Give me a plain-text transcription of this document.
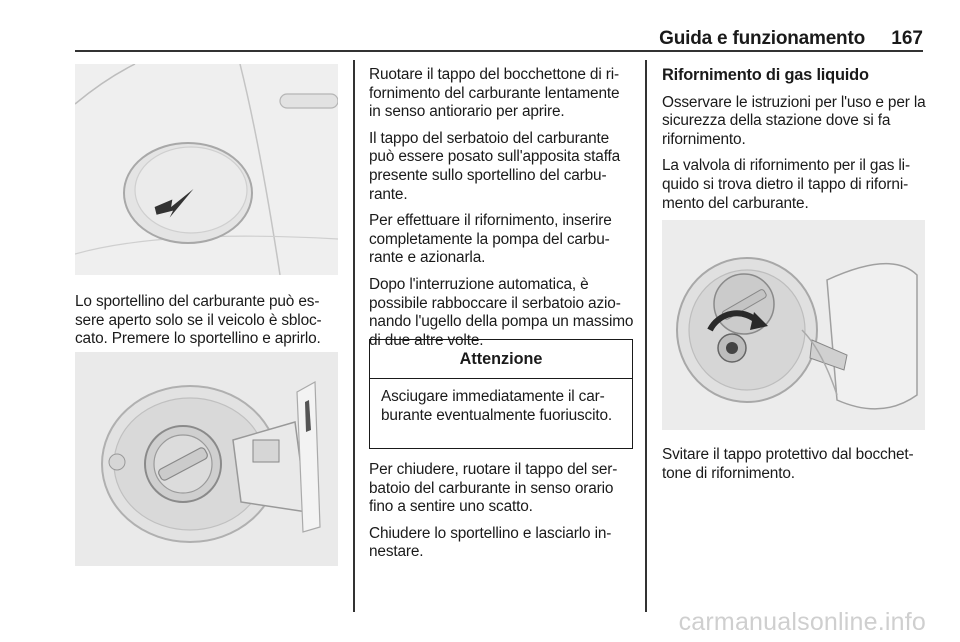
Guida e funzionamento 167

Lo sportellino del carburante può essere aperto solo se il veicolo è sbloccato. Premere lo sportellino e aprirlo.

Ruotare il tappo del bocchettone di rifornimento del carburante lentamente in senso antiorario per aprire.

Il tappo del serbatoio del carburante può essere posato sull'apposita staffa presente sullo sportellino del carburante.

Per effettuare il rifornimento, inserire completamente la pompa del carburante e azionarla.

Dopo l'interruzione automatica, è possibile rabboccare il serbatoio azionando l'ugello della pompa un massimo di due altre volte.

Attenzione
Asciugare immediatamente il carburante eventualmente fuoriuscito.

Per chiudere, ruotare il tappo del serbatoio del carburante in senso orario fino a sentire uno scatto.

Chiudere lo sportellino e lasciarlo innestare.

Rifornimento di gas liquido

Osservare le istruzioni per l'uso e per la sicurezza della stazione dove si fa rifornimento.

La valvola di rifornimento per il gas liquido si trova dietro il tappo di rifornimento del carburante.

Svitare il tappo protettivo dal bocchettone di rifornimento.

carmanualsonline.info
